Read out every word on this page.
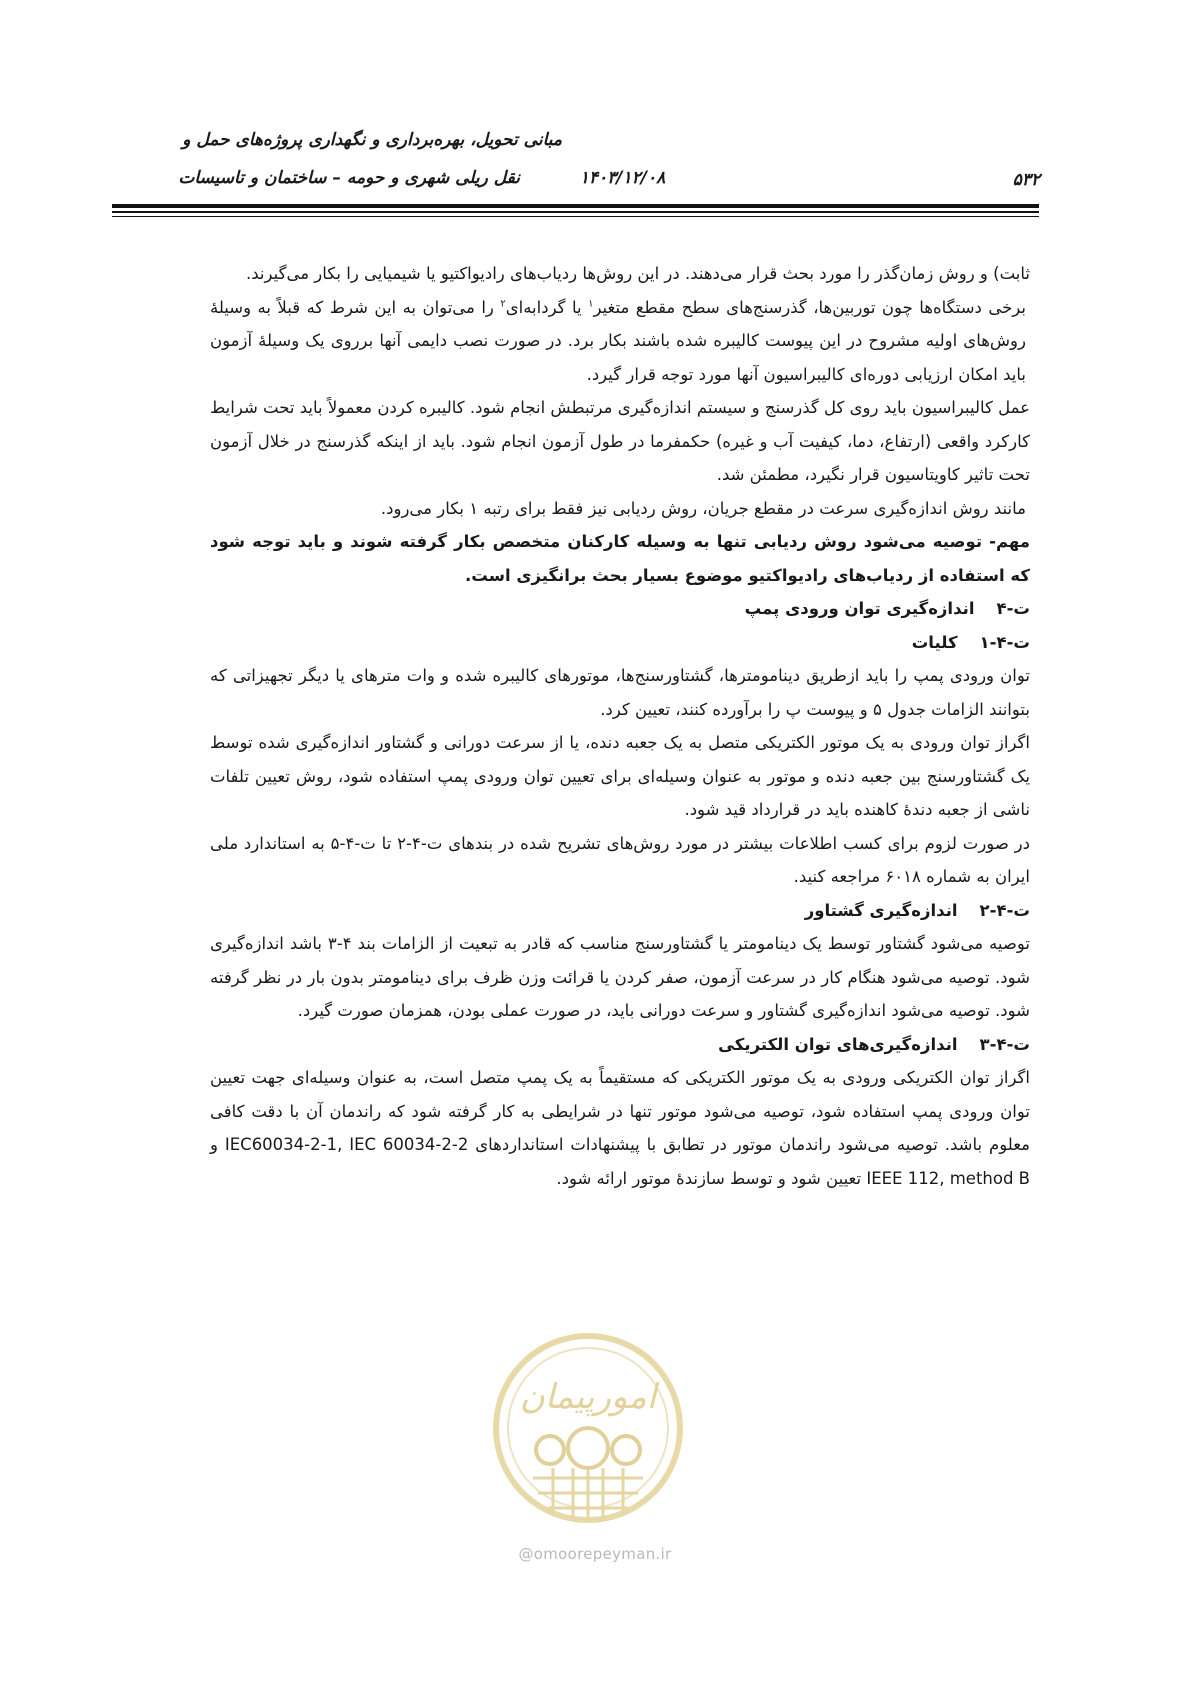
مبانی تحویل، بهره‌برداری و نگهداری پروژه‌های حمل و
نقل ریلی شهری و حومه – ساختمان و تاسیسات	۱۴۰۳/۱۲/۰۸	۵۳۲

ثابت) و روش زمان‌گذر را مورد بحث قرار می‌دهند. در این روش‌ها ردیاب‌های رادیواکتیو یا شیمیایی را بکار می‌گیرند.

برخی دستگاه‌ها چون توربین‌ها، گذرسنج‌های سطح مقطع متغیر$^۱$ یا گردابه‌ای$^۲$ را می‌توان به این شرط که قبلاً به وسیلهٔ روش‌های اولیه مشروح در این پیوست کالیبره شده باشند بکار برد. در صورت نصب دایمی آنها برروی یک وسیلهٔ آزمون باید امکان ارزیابی دوره‌ای کالیبراسیون آنها مورد توجه قرار گیرد.

عمل کالیبراسیون باید روی کل گذرسنج و سیستم اندازه‌گیری مرتبطش انجام شود. کالیبره کردن معمولاً باید تحت شرایط کارکرد واقعی (ارتفاع، دما، کیفیت آب و غیره) حکمفرما در طول آزمون انجام شود. باید از اینکه گذرسنج در خلال آزمون تحت تاثیر کاویتاسیون قرار نگیرد، مطمئن شد.

مانند روش اندازه‌گیری سرعت در مقطع جریان، روش ردیابی نیز فقط برای رتبه ۱ بکار می‌رود.

مهم- توصیه می‌شود روش ردیابی تنها به وسیله کارکنان متخصص بکار گرفته شوند و باید توجه شود که استفاده از ردیاب‌های رادیواکتیو موضوع بسیار بحث برانگیزی است.

ت-۴
اندازه‌گیری توان ورودی پمپ
ت-۴-۱
کلیات

توان ورودی پمپ را باید ازطریق دینامومترها، گشتاورسنج‌ها، موتورهای کالیبره شده و وات مترهای یا دیگر تجهیزاتی که بتوانند الزامات جدول ۵ و پیوست پ را برآورده کنند، تعیین کرد.

اگراز توان ورودی به یک موتور الکتریکی متصل به یک جعبه دنده، یا از سرعت دورانی و گشتاور اندازه‌گیری شده توسط یک گشتاورسنج بین جعبه دنده و موتور به عنوان وسیله‌ای برای تعیین توان ورودی پمپ استفاده شود، روش تعیین تلفات ناشی از جعبه دندهٔ کاهنده باید در قرارداد قید شود.

در صورت لزوم برای کسب اطلاعات بیشتر در مورد روش‌های تشریح شده در بندهای ت-۴-۲ تا ت-۴-۵ به استاندارد ملی ایران به شماره ۶۰۱۸ مراجعه کنید.

ت-۴-۲
اندازه‌گیری گشتاور

توصیه می‌شود گشتاور توسط یک دینامومتر یا گشتاورسنج مناسب که قادر به تبعیت از الزامات بند ۴-۳ باشد اندازه‌گیری شود. توصیه می‌شود هنگام کار در سرعت آزمون، صفر کردن یا قرائت وزن ظرف برای دینامومتر بدون بار در نظر گرفته شود. توصیه می‌شود اندازه‌گیری گشتاور و سرعت دورانی باید، در صورت عملی بودن، همزمان صورت گیرد.

ت-۴-۳
اندازه‌گیری‌های توان الکتریکی

اگراز توان الکتریکی ورودی به یک موتور الکتریکی که مستقیماً به یک پمپ متصل است، به عنوان وسیله‌ای جهت تعیین توان ورودی پمپ استفاده شود، توصیه می‌شود موتور تنها در شرایطی به کار گرفته شود که راندمان آن با دقت کافی معلوم باشد. توصیه می‌شود راندمان موتور در تطابق با پیشنهادات استانداردهای IEC60034-2-1, IEC 60034-2-2 و IEEE 112, method B تعیین شود و توسط سازندهٔ موتور ارائه شود.

امورپیمان
@omoorepeyman.ir
